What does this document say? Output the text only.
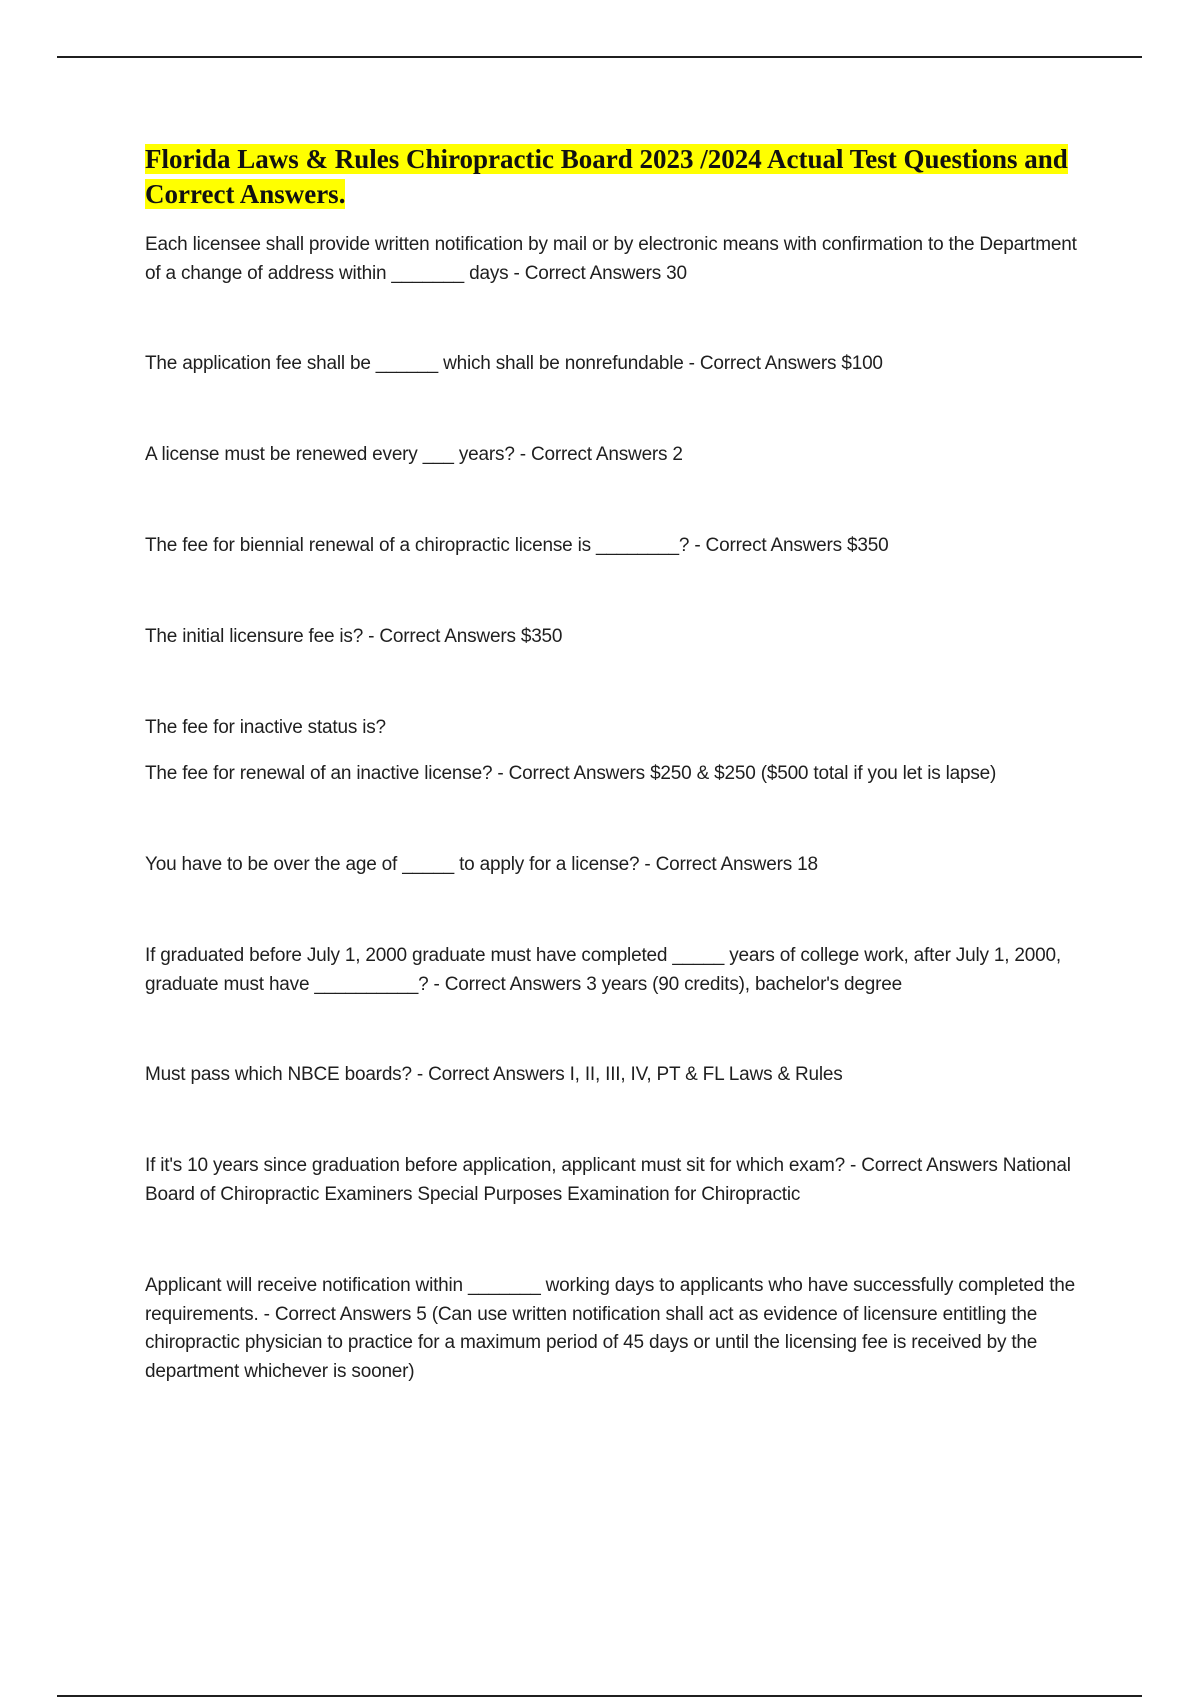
Florida Laws & Rules Chiropractic Board 2023 /2024 Actual Test Questions and Correct Answers.

Each licensee shall provide written notification by mail or by electronic means with confirmation to the Department of a change of address within _______ days - Correct Answers 30

The application fee shall be ______ which shall be nonrefundable - Correct Answers $100

A license must be renewed every ___ years? - Correct Answers 2

The fee for biennial renewal of a chiropractic license is ________? - Correct Answers $350

The initial licensure fee is? - Correct Answers $350

The fee for inactive status is?

The fee for renewal of an inactive license? - Correct Answers $250 & $250 ($500 total if you let is lapse)

You have to be over the age of _____ to apply for a license? - Correct Answers 18

If graduated before July 1, 2000 graduate must have completed _____ years of college work, after July 1, 2000, graduate must have __________? - Correct Answers 3 years (90 credits), bachelor's degree

Must pass which NBCE boards? - Correct Answers I, II, III, IV, PT & FL Laws & Rules

If it's 10 years since graduation before application, applicant must sit for which exam? - Correct Answers National Board of Chiropractic Examiners Special Purposes Examination for Chiropractic

Applicant will receive notification within _______ working days to applicants who have successfully completed the requirements. - Correct Answers 5 (Can use written notification shall act as evidence of licensure entitling the chiropractic physician to practice for a maximum period of 45 days or until the licensing fee is received by the department whichever is sooner)
